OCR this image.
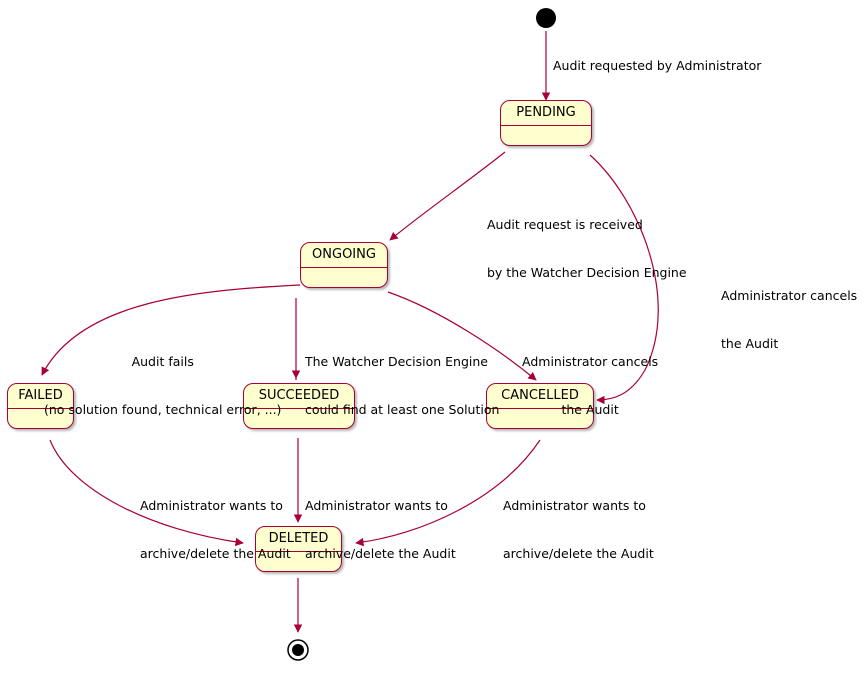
PENDING
ONGOING
FAILED	SUCCEEDED	CANCELLED
DELETED
Audit requested by Administrator

Audit request is received

by the Watcher Decision Engine

Administrator cancels

the Audit

Audit fails

(no solution found, technical error, ...)

The Watcher Decision Engine

could find at least one Solution

Administrator cancels

the Audit

Administrator wants to

archive/delete the Audit

Administrator wants to

archive/delete the Audit

Administrator wants to

archive/delete the Audit
